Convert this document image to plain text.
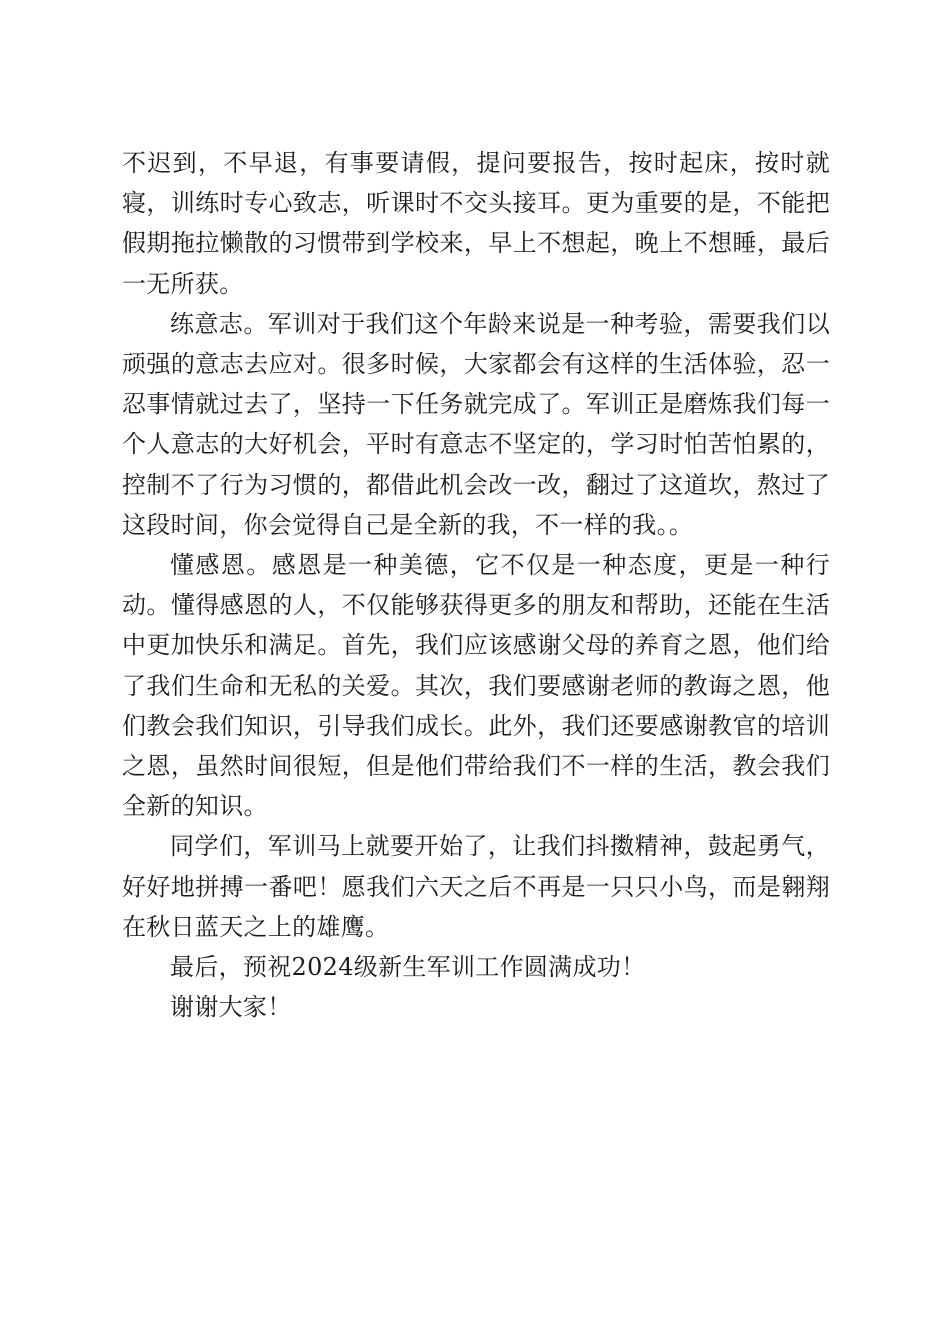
不迟到，不早退，有事要请假，提问要报告，按时起床，按时就寝，训练时专心致志，听课时不交头接耳。更为重要的是，不能把假期拖拉懒散的习惯带到学校来，早上不想起，晚上不想睡，最后一无所获。

练意志。军训对于我们这个年龄来说是一种考验，需要我们以顽强的意志去应对。很多时候，大家都会有这样的生活体验，忍一忍事情就过去了，坚持一下任务就完成了。军训正是磨炼我们每一个人意志的大好机会，平时有意志不坚定的，学习时怕苦怕累的，控制不了行为习惯的，都借此机会改一改，翻过了这道坎，熬过了这段时间，你会觉得自己是全新的我，不一样的我。。

懂感恩。感恩是一种美德，它不仅是一种态度，更是一种行动。懂得感恩的人，不仅能够获得更多的朋友和帮助，还能在生活中更加快乐和满足。首先，我们应该感谢父母的养育之恩，他们给了我们生命和无私的关爱。其次，我们要感谢老师的教诲之恩，他们教会我们知识，引导我们成长。此外，我们还要感谢教官的培训之恩，虽然时间很短，但是他们带给我们不一样的生活，教会我们全新的知识。

同学们，军训马上就要开始了，让我们抖擞精神，鼓起勇气，好好地拼搏一番吧！愿我们六天之后不再是一只只小鸟，而是翱翔在秋日蓝天之上的雄鹰。

最后，预祝2024级新生军训工作圆满成功！

谢谢大家！
